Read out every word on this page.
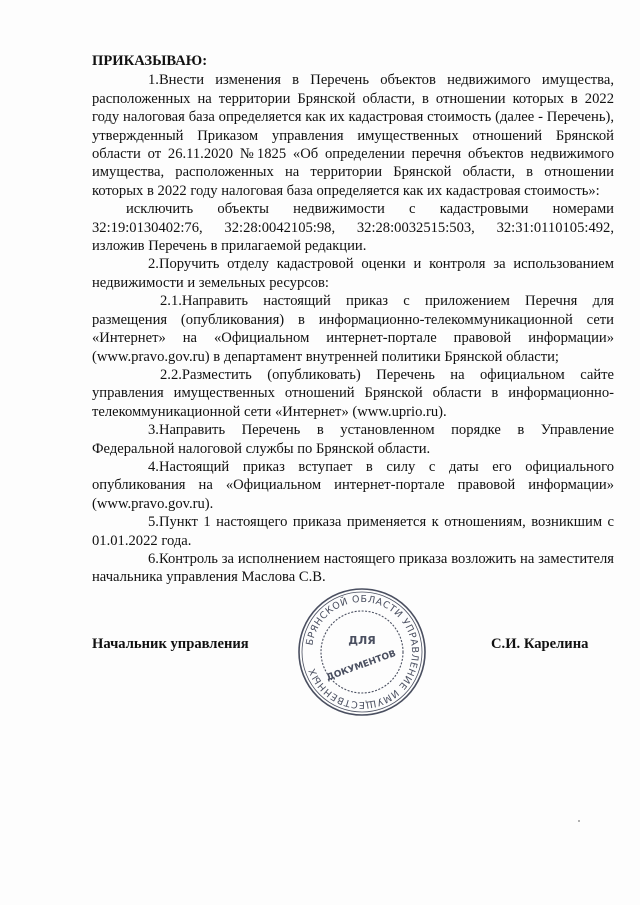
ПРИКАЗЫВАЮ:

1.Внести изменения в Перечень объектов недвижимого имущества, расположенных на территории Брянской области, в отношении которых в 2022 году налоговая база определяется как их кадастровая стоимость (далее - Перечень), утвержденный Приказом управления имущественных отношений Брянской области от 26.11.2020 №1825 «Об определении перечня объектов недвижимого имущества, расположенных на территории Брянской области, в отношении которых в 2022 году налоговая база определяется как их кадастровая стоимость»:

исключить объекты недвижимости с кадастровыми номерами 32:19:0130402:76, 32:28:0042105:98, 32:28:0032515:503, 32:31:0110105:492, изложив Перечень в прилагаемой редакции.

2.Поручить отделу кадастровой оценки и контроля за использованием недвижимости и земельных ресурсов:

2.1.Направить настоящий приказ с приложением Перечня для размещения (опубликования) в информационно-телекоммуникационной сети «Интернет» на «Официальном интернет-портале правовой информации» (www.pravo.gov.ru) в департамент внутренней политики Брянской области;

2.2.Разместить (опубликовать) Перечень на официальном сайте управления имущественных отношений Брянской области в информационно-телекоммуникационной сети «Интернет» (www.uprio.ru).

3.Направить Перечень в установленном порядке в Управление Федеральной налоговой службы по Брянской области.

4.Настоящий приказ вступает в силу с даты его официального опубликования на «Официальном интернет-портале правовой информации» (www.pravo.gov.ru).

5.Пункт 1 настоящего приказа применяется к отношениям, возникшим с 01.01.2022 года.

6.Контроль за исполнением настоящего приказа возложить на заместителя начальника управления Маслова С.В.

Начальник управления	БРЯНСКОЙ ОБЛАСТИ УПРАВЛЕНИЕ ИМУЩЕСТВЕННЫХ
ДЛЯ
ДОКУМЕНТОВ
С.И. Карелина
